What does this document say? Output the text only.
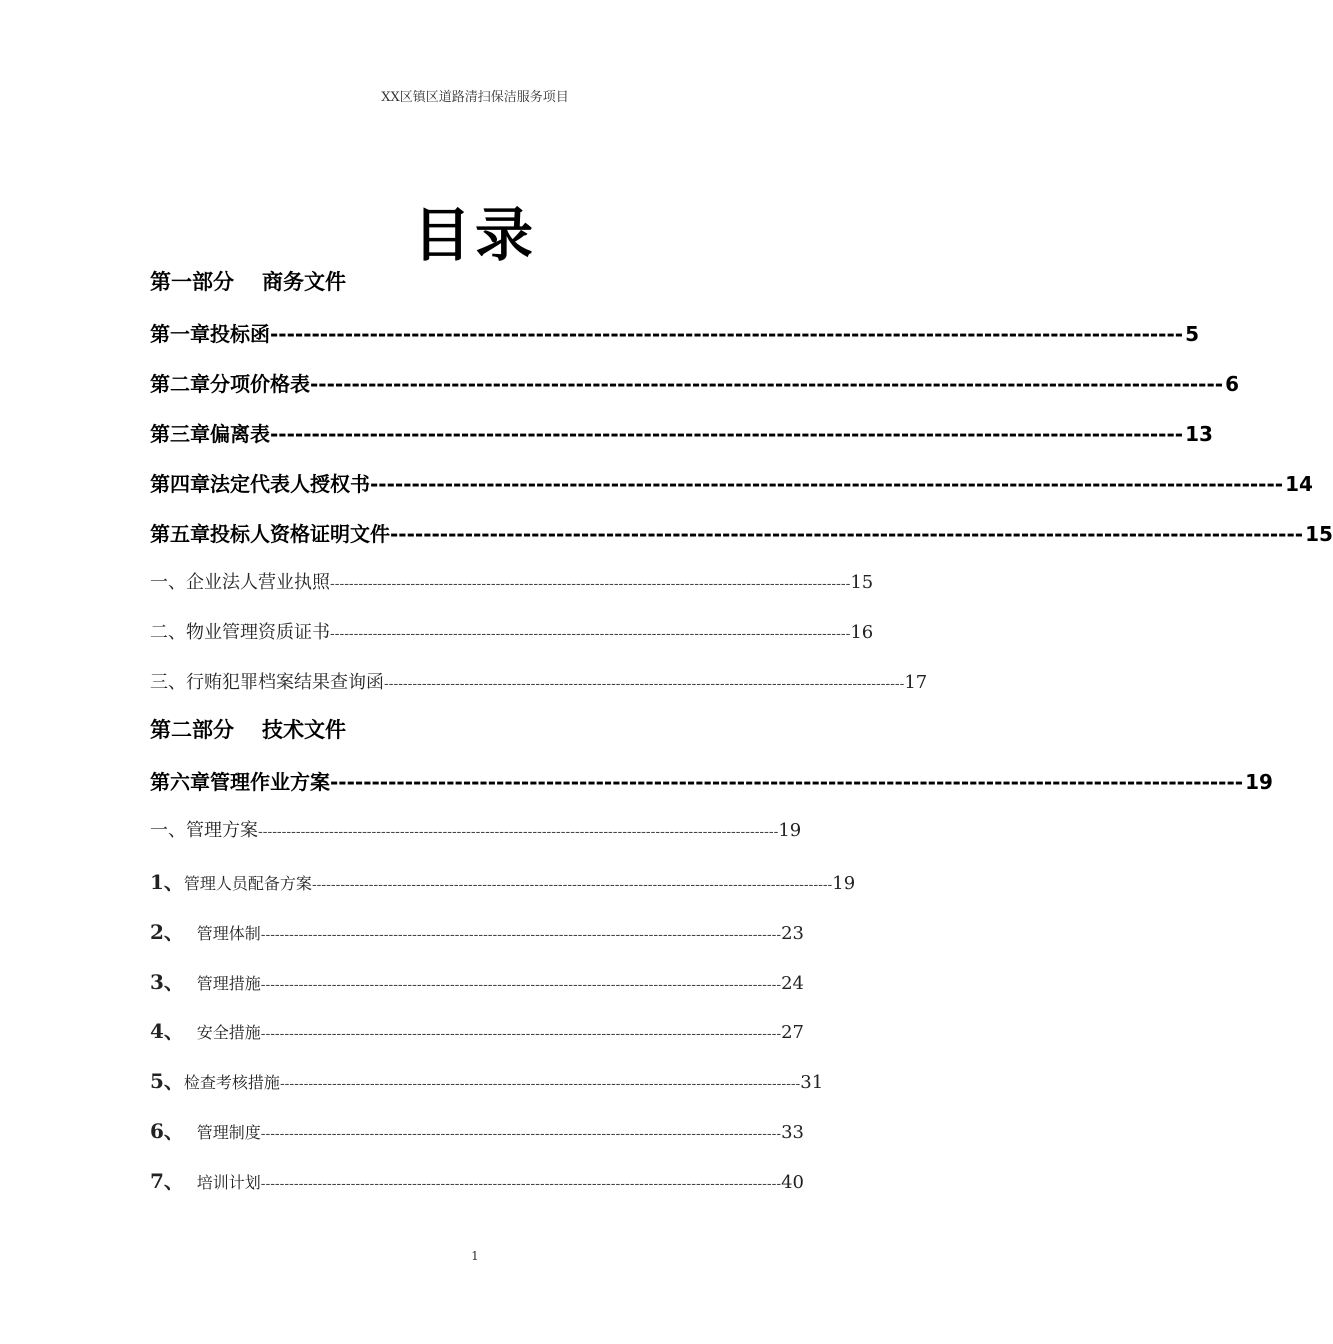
XX区镇区道路清扫保洁服务项目
目录
第一部分 商务文件
第一章 投标函 -------------------------------------------------------------------------------------------------------------- 5
第二章 分项价格表 -------------------------------------------------------------------------------------------------------------- 6
第三章 偏离表 -------------------------------------------------------------------------------------------------------------- 13
第四章 法定代表人授权书 -------------------------------------------------------------------------------------------------------------- 14
第五章 投标人资格证明文件 -------------------------------------------------------------------------------------------------------------- 15
一、 企业法人营业执照 -------------------------------------------------------------------------------------------------------------- 15
二、 物业管理资质证书 -------------------------------------------------------------------------------------------------------------- 16
三、 行贿犯罪档案结果查询函 -------------------------------------------------------------------------------------------------------------- 17
第二部分 技术文件
第六章 管理作业方案 -------------------------------------------------------------------------------------------------------------- 19
一、管理方案 -------------------------------------------------------------------------------------------------------------- 19
1、 管理人员配备方案 -------------------------------------------------------------------------------------------------------------- 19
2、 管理体制 -------------------------------------------------------------------------------------------------------------- 23
3、 管理措施 -------------------------------------------------------------------------------------------------------------- 24
4、 安全措施 -------------------------------------------------------------------------------------------------------------- 27
5、 检查考核措施 -------------------------------------------------------------------------------------------------------------- 31
6、 管理制度 -------------------------------------------------------------------------------------------------------------- 33
7、 培训计划 -------------------------------------------------------------------------------------------------------------- 40
1
